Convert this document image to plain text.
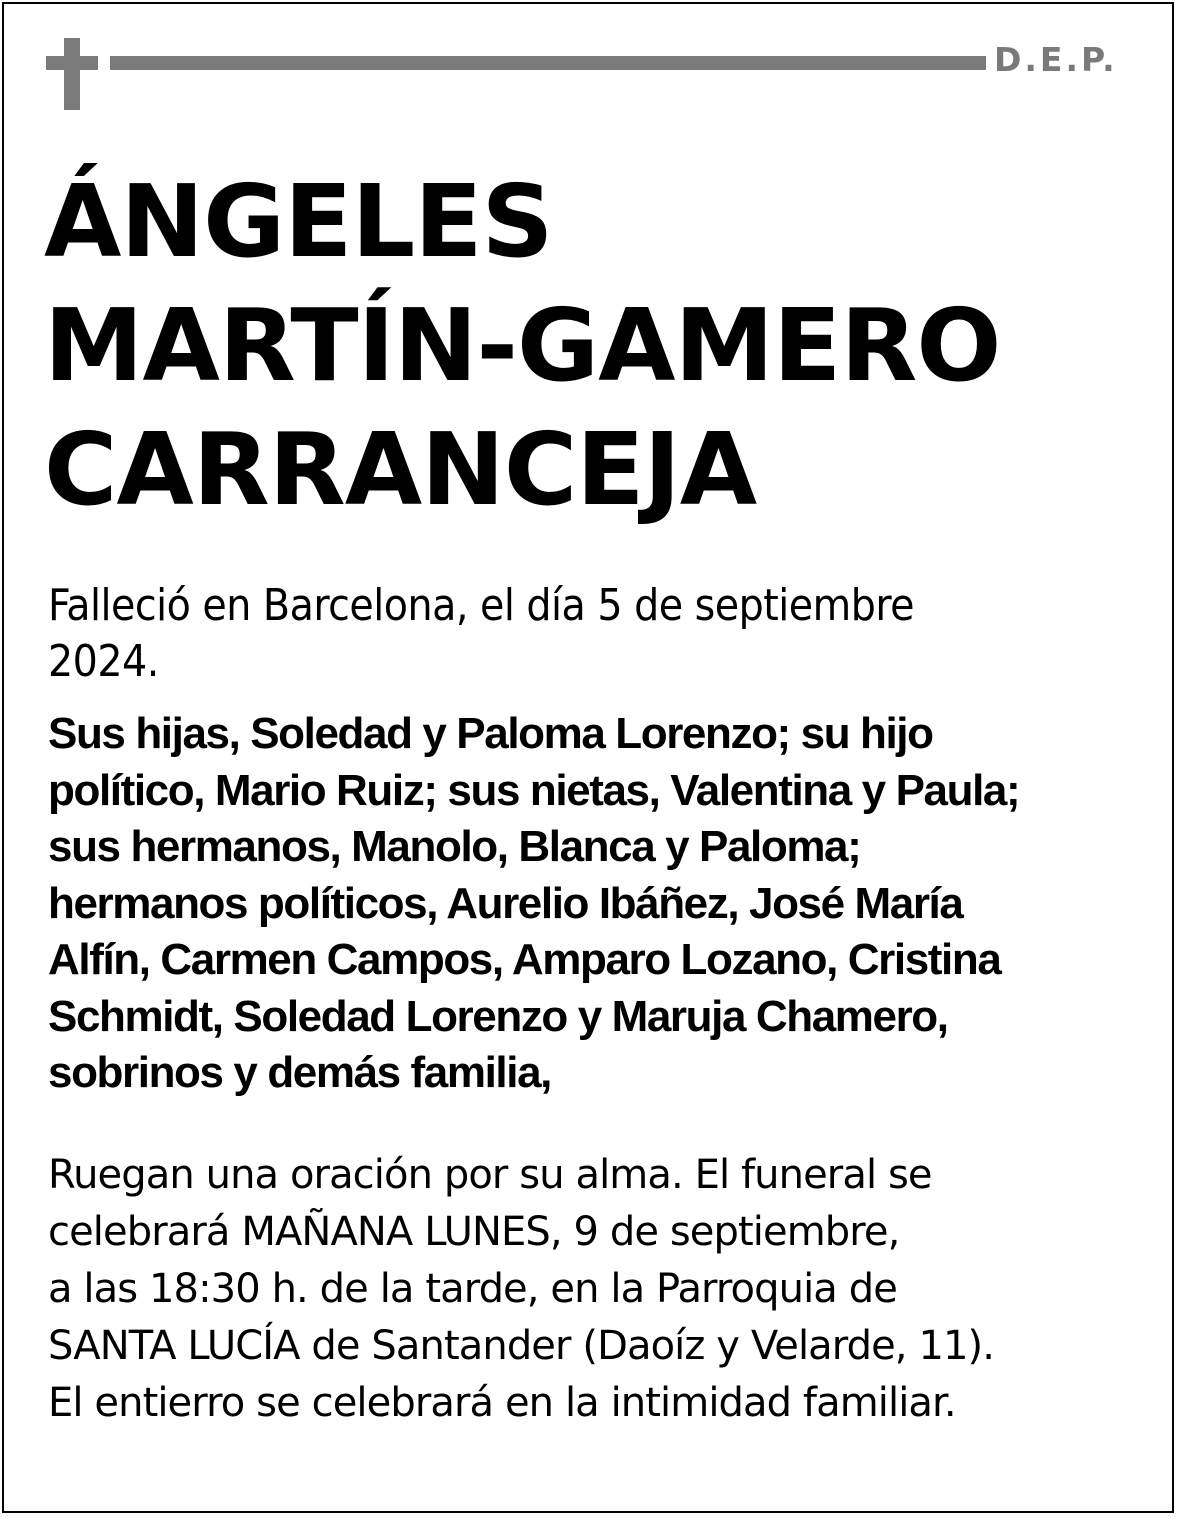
D.E.P.
ÁNGELES
MARTÍN-GAMERO
CARRANCEJA
Falleció en Barcelona, el día 5 de septiembre
2024.
Sus hijas, Soledad y Paloma Lorenzo; su hijo
político, Mario Ruiz; sus nietas, Valentina y Paula;
sus hermanos, Manolo, Blanca y Paloma;
hermanos políticos, Aurelio Ibáñez, José María
Alfín, Carmen Campos, Amparo Lozano, Cristina
Schmidt, Soledad Lorenzo y Maruja Chamero,
sobrinos y demás familia,
Ruegan una oración por su alma. El funeral se
celebrará MAÑANA LUNES, 9 de septiembre,
a las 18:30 h. de la tarde, en la Parroquia de
SANTA LUCÍA de Santander (Daoíz y Velarde, 11).
El entierro se celebrará en la intimidad familiar.
